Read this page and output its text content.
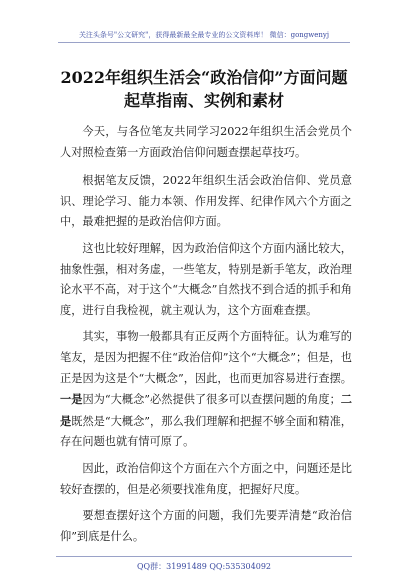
关注头条号"公文研究"，获得最新最全最专业的公文资料库！ 微信：gongwenyj
2022年组织生活会“政治信仰”方面问题起草指南、实例和素材

今天，与各位笔友共同学习2022年组织生活会党员个人对照检查第一方面政治信仰问题查摆起草技巧。

根据笔友反馈，2022年组织生活会政治信仰、党员意识、理论学习、能力本领、作用发挥、纪律作风六个方面之中，最难把握的是政治信仰方面。

这也比较好理解，因为政治信仰这个方面内涵比较大，抽象性强，相对务虚，一些笔友，特别是新手笔友，政治理论水平不高，对于这个“大概念”自然找不到合适的抓手和角度，进行自我检视，就主观认为，这个方面难查摆。

其实，事物一般都具有正反两个方面特征。认为难写的笔友，是因为把握不住“政治信仰”这个“大概念”；但是，也正是因为这是个“大概念”，因此，也而更加容易进行查摆。一是因为“大概念”必然提供了很多可以查摆问题的角度；二是既然是“大概念”，那么我们理解和把握不够全面和精准，存在问题也就有情可原了。

因此，政治信仰这个方面在六个方面之中，问题还是比较好查摆的，但是必须要找准角度，把握好尺度。

要想查摆好这个方面的问题，我们先要弄清楚“政治信仰”到底是什么。

QQ群：31991489 QQ:535304092
